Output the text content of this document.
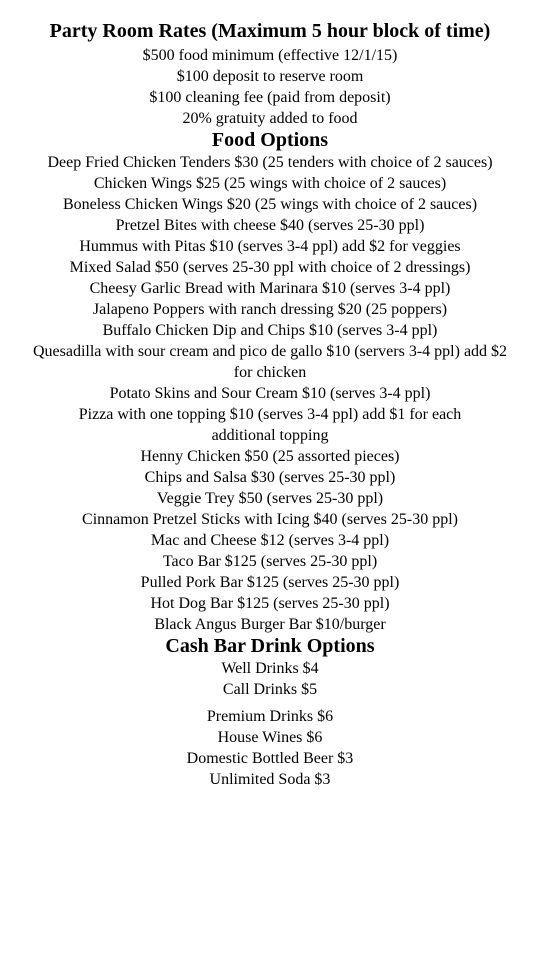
Party Room Rates (Maximum 5 hour block of time)
$500 food minimum (effective 12/1/15)
$100 deposit to reserve room
$100 cleaning fee (paid from deposit)
20% gratuity added to food
Food Options
Deep Fried Chicken Tenders $30 (25 tenders with choice of 2 sauces)
Chicken Wings $25 (25 wings with choice of 2 sauces)
Boneless Chicken Wings $20 (25 wings with choice of 2 sauces)
Pretzel Bites with cheese $40 (serves 25-30 ppl)
Hummus with Pitas $10 (serves 3-4 ppl) add $2 for veggies
Mixed Salad $50 (serves 25-30 ppl with choice of 2 dressings)
Cheesy Garlic Bread with Marinara $10 (serves 3-4 ppl)
Jalapeno Poppers with ranch dressing $20 (25 poppers)
Buffalo Chicken Dip and Chips $10 (serves 3-4 ppl)
Quesadilla with sour cream and pico de gallo $10 (servers 3-4 ppl) add $2 for chicken
Potato Skins and Sour Cream $10 (serves 3-4 ppl)
Pizza with one topping $10 (serves 3-4 ppl) add $1 for each additional topping
Henny Chicken $50 (25 assorted pieces)
Chips and Salsa $30 (serves 25-30 ppl)
Veggie Trey $50 (serves 25-30 ppl)
Cinnamon Pretzel Sticks with Icing $40 (serves 25-30 ppl)
Mac and Cheese $12 (serves 3-4 ppl)
Taco Bar $125 (serves 25-30 ppl)
Pulled Pork Bar $125 (serves 25-30 ppl)
Hot Dog Bar $125 (serves 25-30 ppl)
Black Angus Burger Bar $10/burger
Cash Bar Drink Options
Well Drinks $4
Call Drinks $5
Premium Drinks $6
House Wines $6
Domestic Bottled Beer $3
Unlimited Soda $3
